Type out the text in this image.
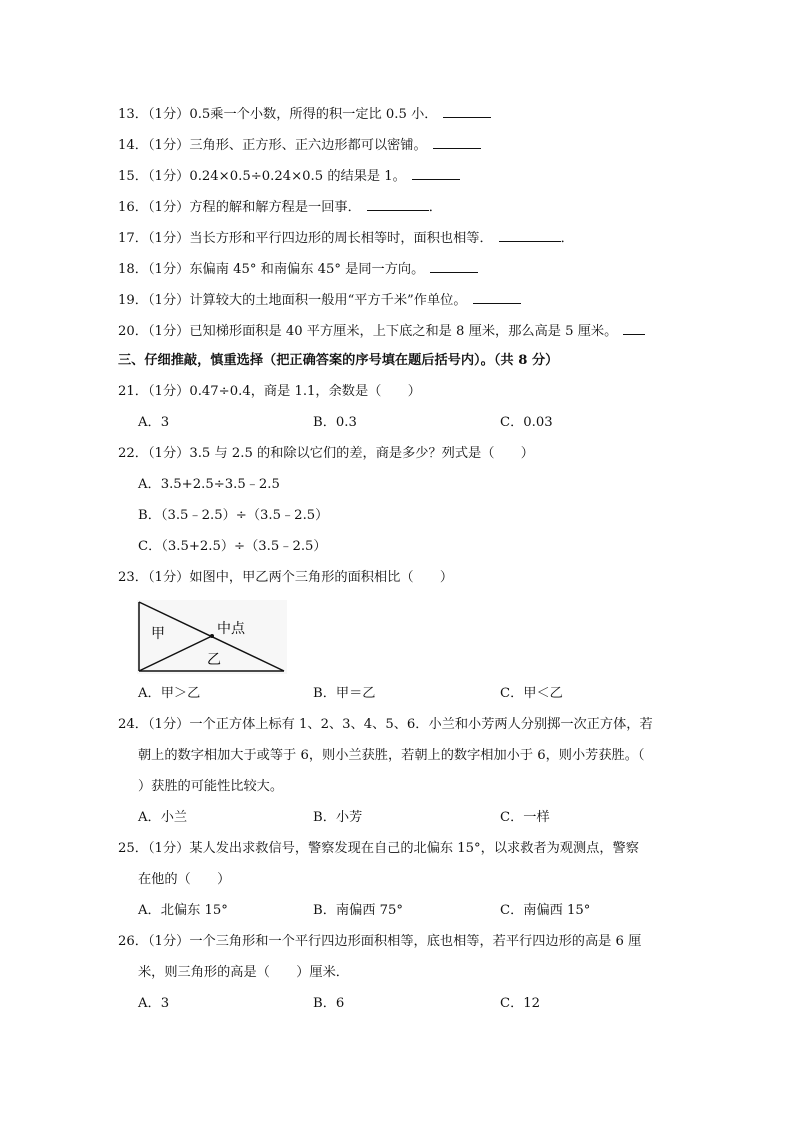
13．（1分）0.5乘一个小数，所得的积一定比 0.5 小．
14．（1分）三角形、正方形、正六边形都可以密铺。
15．（1分）0.24×0.5÷0.24×0.5 的结果是 1。
16．（1分）方程的解和解方程是一回事．	．
17．（1分）当长方形和平行四边形的周长相等时，面积也相等．	．
18．（1分）东偏南 45° 和南偏东 45° 是同一方向。
19．（1分）计算较大的土地面积一般用“平方千米”作单位。
20．（1分）已知梯形面积是 40 平方厘米，上下底之和是 8 厘米，那么高是 5 厘米。
三、仔细推敲，慎重选择（把正确答案的序号填在题后括号内）。（共 8 分）
21．（1分）0.47÷0.4，商是 1.1，余数是（　　）
A．3	B．0.3	C．0.03
22．（1分）3.5 与 2.5 的和除以它们的差，商是多少？列式是（　　）
A．3.5+2.5÷3.5﹣2.5
B．（3.5﹣2.5）÷（3.5﹣2.5）
C．（3.5+2.5）÷（3.5﹣2.5）
23．（1分）如图中，甲乙两个三角形的面积相比（　　）
甲	中点
乙
A．甲＞乙	B．甲＝乙	C．甲＜乙
24．（1分）一个正方体上标有 1、2、3、4、5、6．小兰和小芳两人分别掷一次正方体，若
朝上的数字相加大于或等于 6，则小兰获胜，若朝上的数字相加小于 6，则小芳获胜。（
）获胜的可能性比较大。
A．小兰	B．小芳	C．一样
25．（1分）某人发出求救信号，警察发现在自己的北偏东 15°，以求救者为观测点，警察
在他的（　　）
A．北偏东 15°	B．南偏西 75°	C．南偏西 15°
26．（1分）一个三角形和一个平行四边形面积相等，底也相等，若平行四边形的高是 6 厘
米，则三角形的高是（　　）厘米．
A．3	B．6	C．12
